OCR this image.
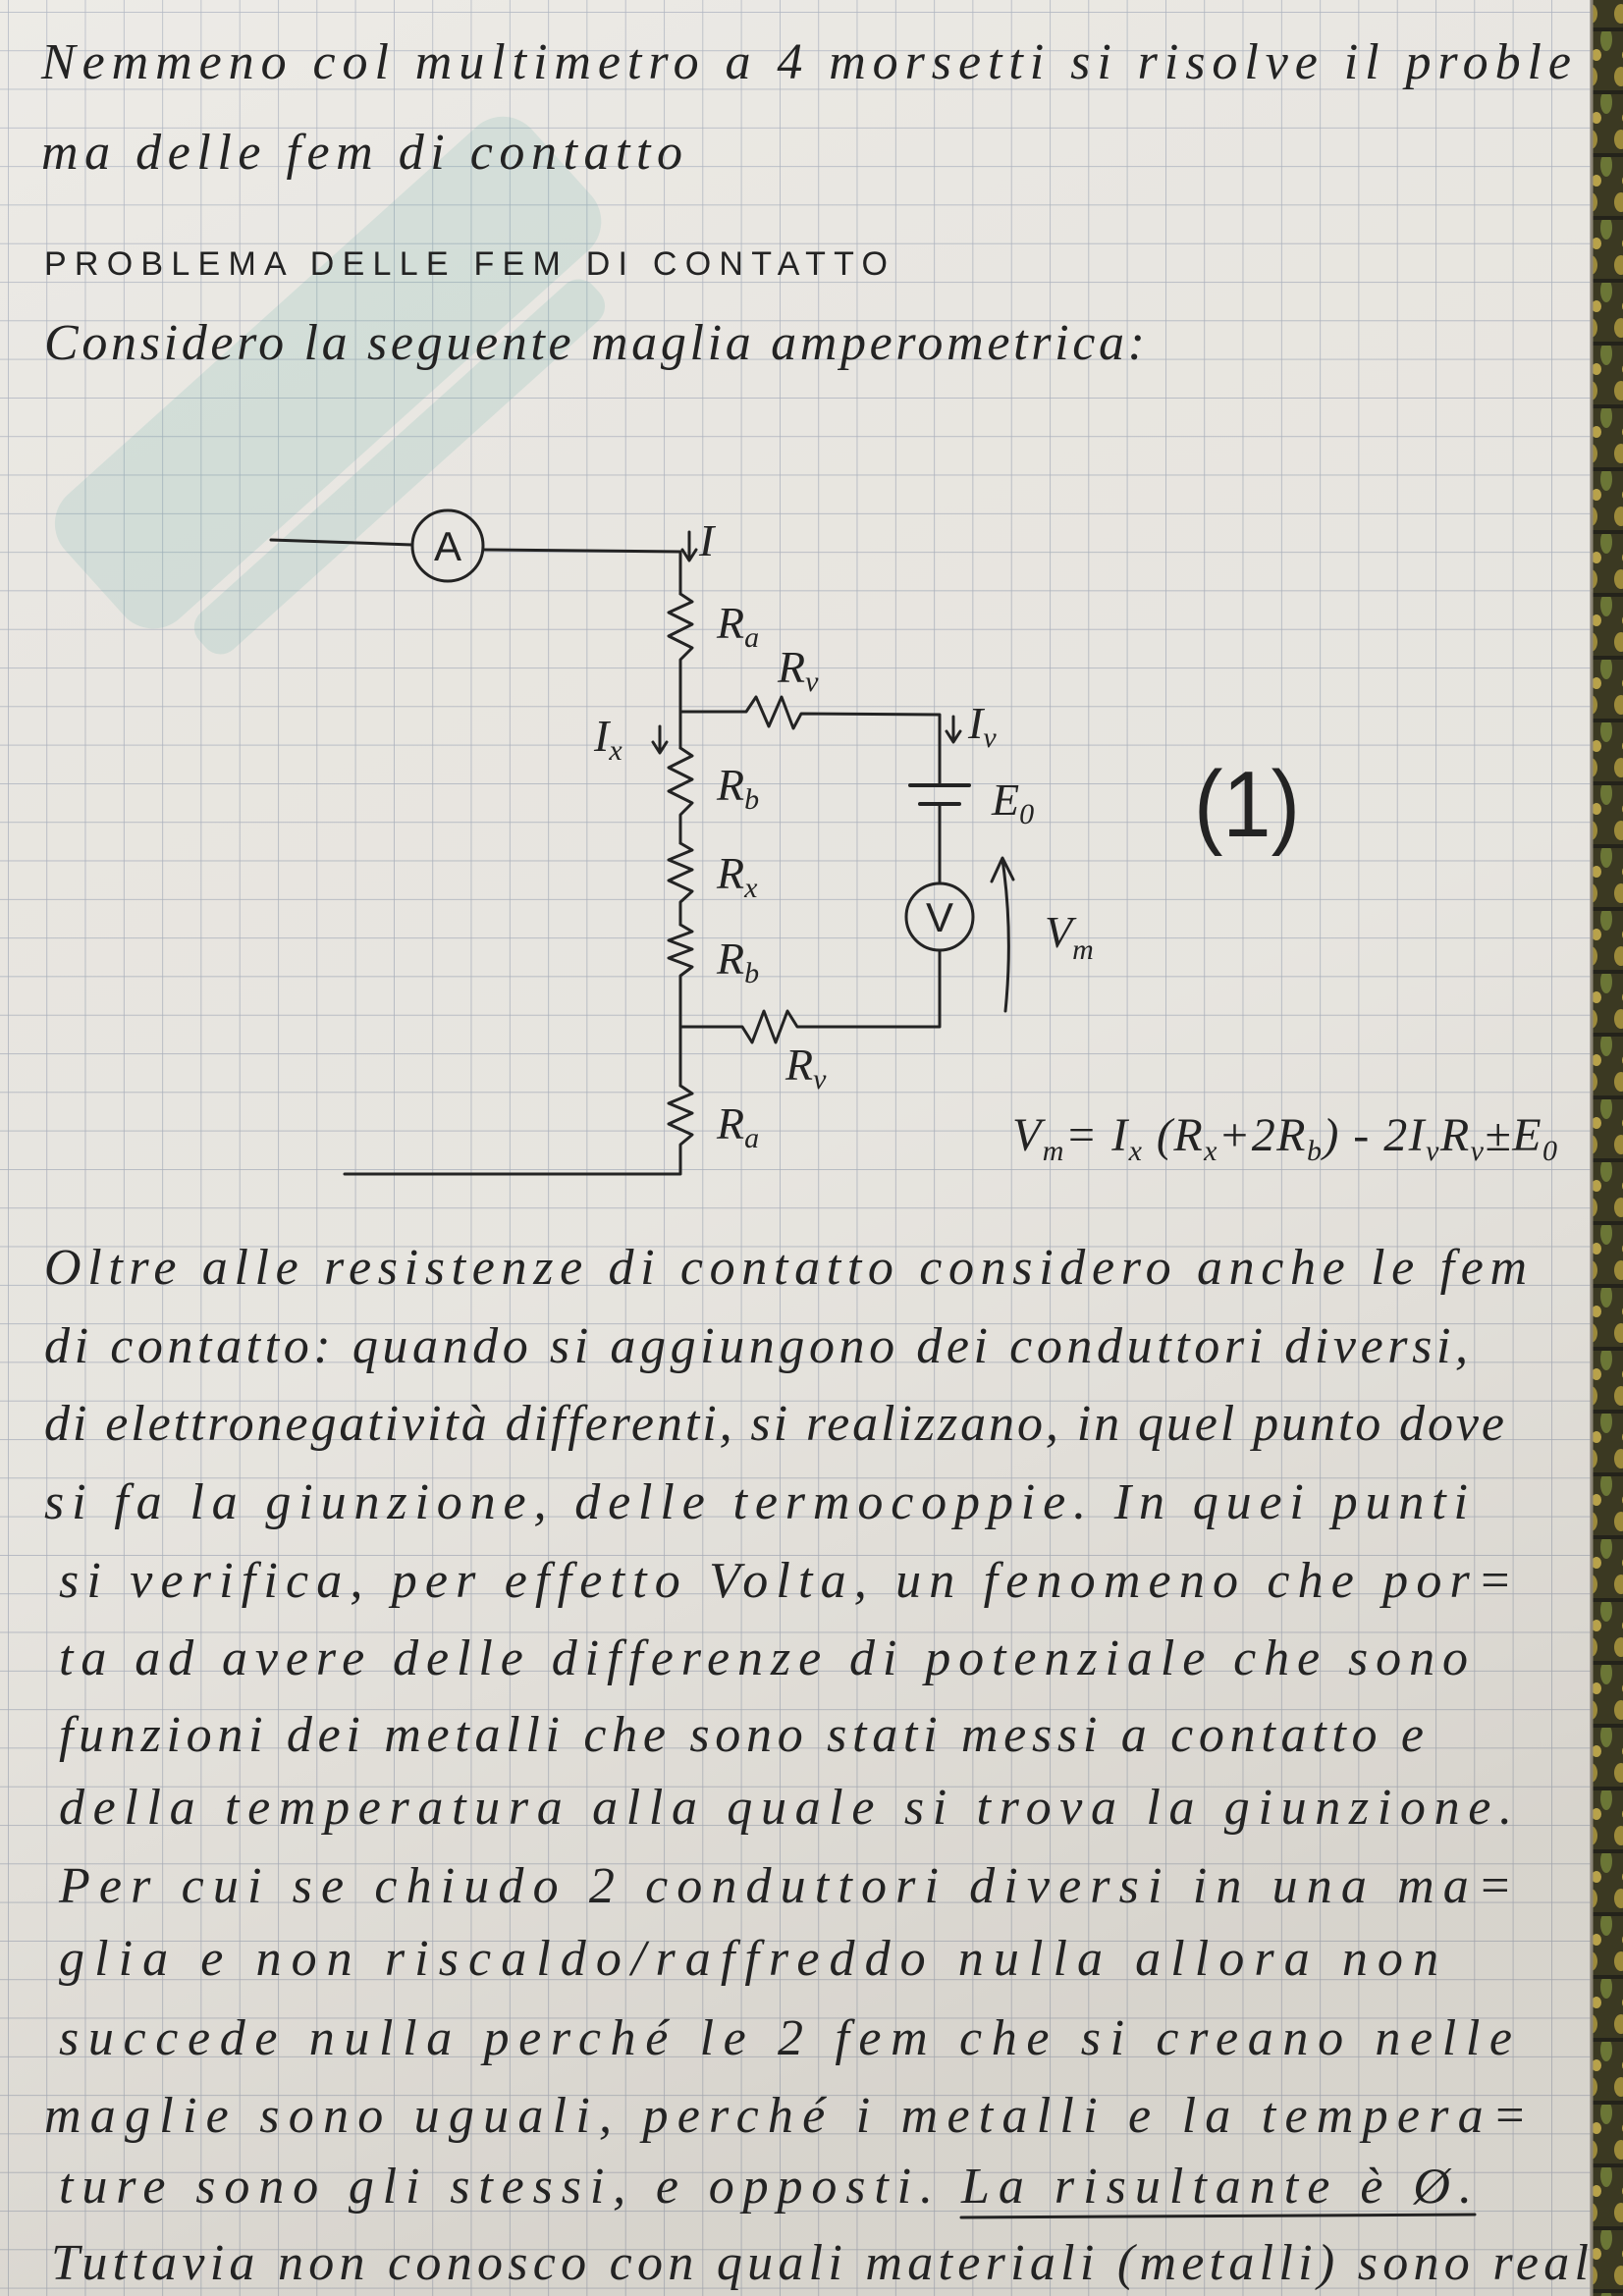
Nemmeno col multimetro a 4 morsetti si risolve il proble
ma delle fem di contatto
PROBLEMA DELLE FEM DI CONTATTO
Considero la seguente maglia amperometrica:
A
V
I
Ra
Rv
Ix
Iv
Rb	E0 (1)
Rx
$V_m$
Rb
Rv
Ra	$V_m= I_x$ $(R_x+2R_b) - 2I_vR_v\pm E_0$
Oltre alle resistenze di contatto considero anche le fem
di contatto: quando si aggiungono dei conduttori diversi,
di elettronegatività differenti, si realizzano, in quel punto dove
si fa la giunzione, delle termocoppie. In quei punti
si verifica, per effetto Volta, un fenomeno che por=
ta ad avere delle differenze di potenziale che sono
funzioni dei metalli che sono stati messi a contatto e
della temperatura alla quale si trova la giunzione.
Per cui se chiudo 2 conduttori diversi in una ma=
glia e non riscaldo/raffreddo nulla allora non
succede nulla perché le 2 fem che si creano nelle
maglie sono uguali, perché i metalli e la tempera=
ture sono gli stessi, e opposti. La risultante è Ø.
Tuttavia non conosco con quali materiali (metalli) sono real
